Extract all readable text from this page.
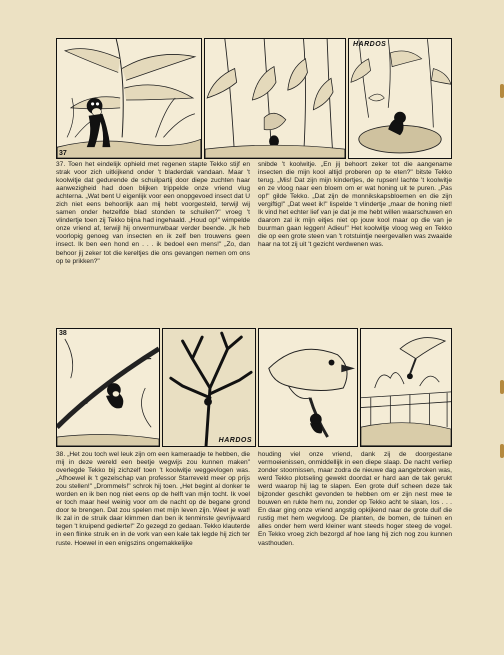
37
HARDOS

37. Toen het eindelijk ophield met regenen stapte Tekko stijf en strak voor zich uitkijkend onder 't bladerdak vandaan. Maar 't koolwitje dat gedurende de schuilpartij door diepe zuchten haar aanwezigheid had doen blijken trippelde onze vriend vlug achterna. „Wat bent U eigenlijk voor een onopgevoed insect dat U zich niet eens behoorlijk aan mij hebt voorgesteld, terwijl wij samen onder hetzelfde blad stonden te schuilen?" vroeg 't vlindertje toen zij Tekko bijna had ingehaald. „Houd op!" wimpelde onze vriend af, terwijl hij onvermurwbaar verder beende. „Ik heb voorlopig genoeg van insecten en ik zelf ben trouwens geen insect. Ik ben een hond en . . . ik bedoel een mens!" „Zo, dan behoor jij zeker tot die kereltjes die ons gevangen nemen om ons op te prikken?"

snibde 't koolwitje. „En jij behoort zeker tot die aangename insecten die mijn kool altijd proberen op te eten?" bitste Tekko terug. „Mis! Dat zijn mijn kindertjes, de rupsen! lachte 't koolwitje en ze vloog naar een bloem om er wat honing uit te puren. „Pas op!" gilde Tekko. „Dat zijn de monnikskapsbloemen en die zijn vergiftig!" „Dat weet ik!" lispelde 't vlindertje „maar de honing niet! Ik vind het echter lief van je dat je me hebt willen waarschuwen en daarom zal ik mijn eitjes niet op jouw kool maar op die van je buurman gaan leggen! Adieu!" Het koolwitje vloog weg en Tekko die op een grote steen van 't rotstuintje neergevallen was zwaaide haar na tot zij uit 't gezicht verdwenen was.

38
HARDOS

38. „Het zou toch wel leuk zijn om een kameraadje te hebben, die mij in deze wereld een beetje wegwijs zou kunnen maken" overlegde Tekko bij zichzelf toen 't koolwitje weggevlogen was. „Afhoewel ik 't gezelschap van professor Starreveld meer op prijs zou stellen!" „Drommels!" schrok hij toen. „Het begint al donker te worden en ik ben nog niet eens op de helft van mijn tocht. Ik voel er toch maar heel weinig voor om de nacht op de begane grond door te brengen. Dat zou spelen met mijn leven zijn. Weet je wat! Ik zal in de struik daar klimmen dan ben ik tenminste gevrijwaard tegen 't kruipend gedierte!" Zo gezegd zo gedaan. Tekko klauterde in een flinke struik en in de vork van een kale tak legde hij zich ter ruste. Hoewel in een enigszins ongemakkelijke

houding viel onze vriend, dank zij de doorgestane vermoeienissen, onmiddellijk in een diepe slaap. De nacht verliep zonder stoornissen, maar zodra de nieuwe dag aangebroken was, werd Tekko plotseling gewekt doordat er hard aan de tak gerukt werd waarop hij lag te slapen. Een grote duif scheen deze tak bijzonder geschikt gevonden te hebben om er zijn nest mee te bouwen en rukte hem nu, zonder op Tekko acht te slaan, los . . . En daar ging onze vriend angstig opkijkend naar de grote duif die rustig met hem wegvloog. De planten, de bomen, de tuinen en alles onder hem werd kleiner want steeds hoger steeg de vogel. En Tekko vroeg zich bezorgd af hoe lang hij zich nog zou kunnen vasthouden.
